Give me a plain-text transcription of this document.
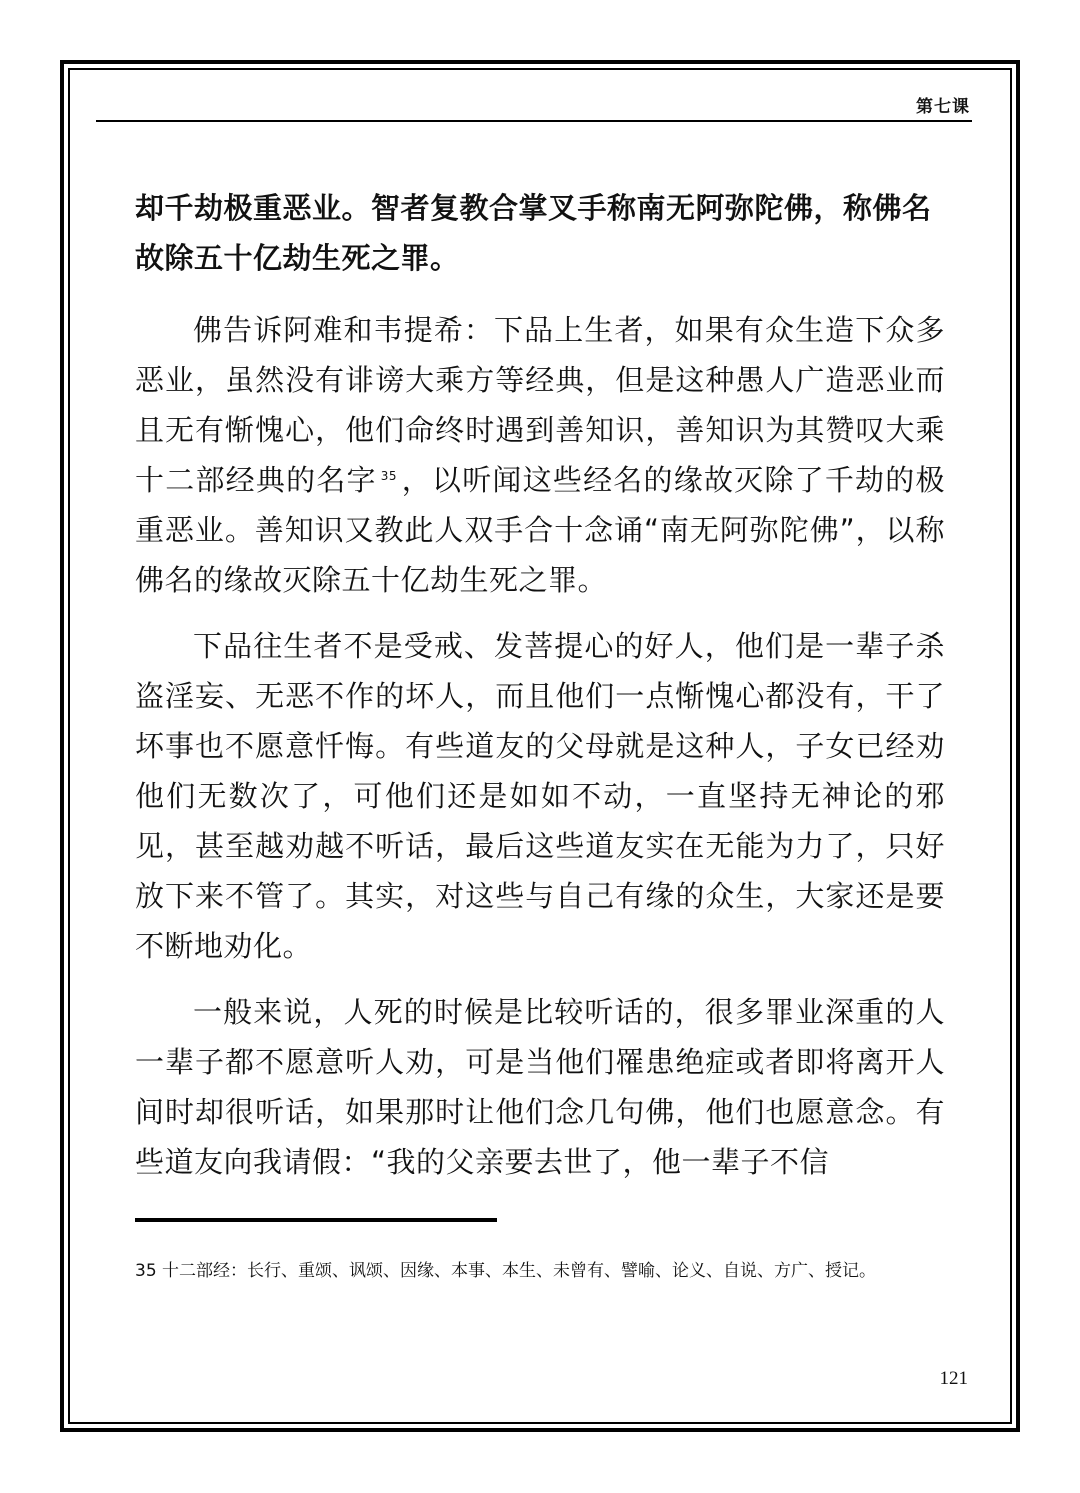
第七课

却千劫极重恶业。智者复教合掌叉手称南无阿弥陀佛，称佛名故除五十亿劫生死之罪。

佛告诉阿难和韦提希：下品上生者，如果有众生造下众多恶业，虽然没有诽谤大乘方等经典，但是这种愚人广造恶业而且无有惭愧心，他们命终时遇到善知识，善知识为其赞叹大乘十二部经典的名字 $^{35}$ ，以听闻这些经名的缘故灭除了千劫的极重恶业。善知识又教此人双手合十念诵“南无阿弥陀佛”，以称佛名的缘故灭除五十亿劫生死之罪。

下品往生者不是受戒、发菩提心的好人，他们是一辈子杀盗淫妄、无恶不作的坏人，而且他们一点惭愧心都没有，干了坏事也不愿意忏悔。有些道友的父母就是这种人，子女已经劝他们无数次了，可他们还是如如不动，一直坚持无神论的邪见，甚至越劝越不听话，最后这些道友实在无能为力了，只好放下来不管了。其实，对这些与自己有缘的众生，大家还是要不断地劝化。

一般来说，人死的时候是比较听话的，很多罪业深重的人一辈子都不愿意听人劝，可是当他们罹患绝症或者即将离开人间时却很听话，如果那时让他们念几句佛，他们也愿意念。有些道友向我请假：“我的父亲要去世了，他一辈子不信

35 十二部经：长行、重颂、讽颂、因缘、本事、本生、未曾有、譬喻、论义、自说、方广、授记。
121
